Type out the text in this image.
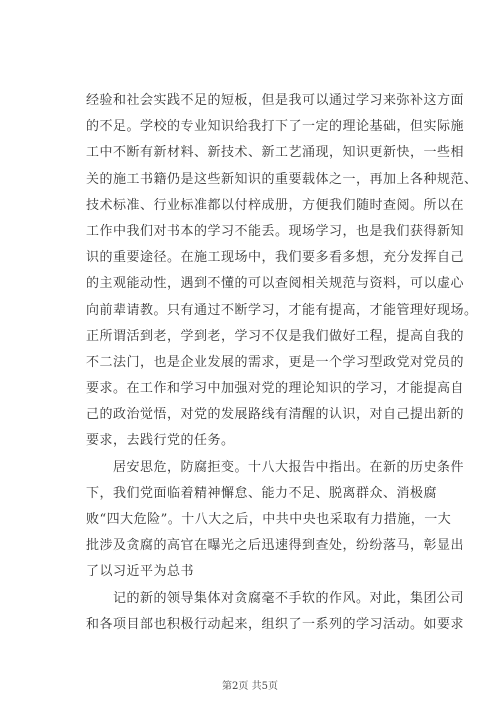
经验和社会实践不足的短板，但是我可以通过学习来弥补这方面
的不足。学校的专业知识给我打下了一定的理论基础，但实际施
工中不断有新材料、新技术、新工艺涌现，知识更新快，一些相
关的施工书籍仍是这些新知识的重要载体之一，再加上各种规范、
技术标准、行业标准都以付梓成册，方便我们随时查阅。所以在
工作中我们对书本的学习不能丢。现场学习，也是我们获得新知
识的重要途径。在施工现场中，我们要多看多想，充分发挥自己
的主观能动性，遇到不懂的可以查阅相关规范与资料，可以虚心
向前辈请教。只有通过不断学习，才能有提高，才能管理好现场。
正所谓活到老，学到老，学习不仅是我们做好工程，提高自我的
不二法门，也是企业发展的需求，更是一个学习型政党对党员的
要求。在工作和学习中加强对党的理论知识的学习，才能提高自
己的政治觉悟，对党的发展路线有清醒的认识，对自己提出新的
要求，去践行党的任务。
　　居安思危，防腐拒变。十八大报告中指出。在新的历史条件
下，我们党面临着精神懈怠、能力不足、脱离群众、消极腐
败“四大危险”。十八大之后，中共中央也采取有力措施，一大
批涉及贪腐的高官在曝光之后迅速得到查处，纷纷落马，彰显出
了以习近平为总书
　　记的新的领导集体对贪腐毫不手软的作风。对此，集团公司
和各项目部也积极行动起来，组织了一系列的学习活动。如要求
第2页 共5页
